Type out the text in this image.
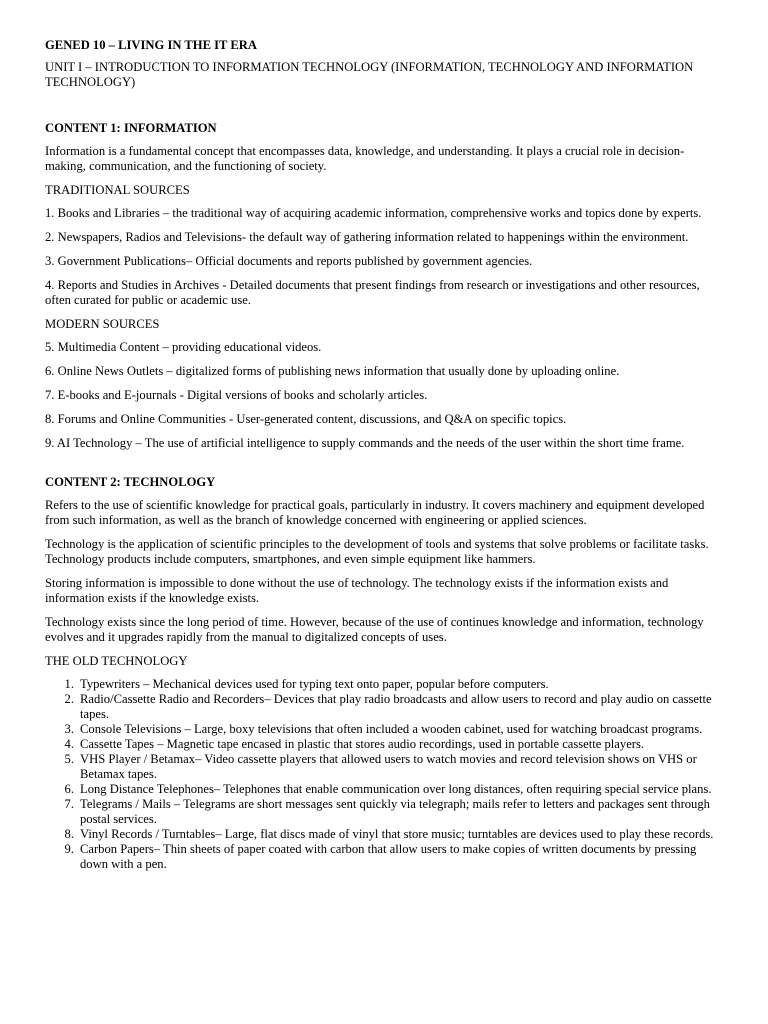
GENED 10 – LIVING IN THE IT ERA

UNIT I – INTRODUCTION TO INFORMATION TECHNOLOGY (INFORMATION, TECHNOLOGY AND INFORMATION TECHNOLOGY)

CONTENT 1: INFORMATION

Information is a fundamental concept that encompasses data, knowledge, and understanding. It plays a crucial role in decision-making, communication, and the functioning of society.

TRADITIONAL SOURCES

1. Books and Libraries – the traditional way of acquiring academic information, comprehensive works and topics done by experts.

2. Newspapers, Radios and Televisions- the default way of gathering information related to happenings within the environment.

3. Government Publications– Official documents and reports published by government agencies.

4. Reports and Studies in Archives - Detailed documents that present findings from research or investigations and other resources, often curated for public or academic use.

MODERN SOURCES

5. Multimedia Content – providing educational videos.

6. Online News Outlets – digitalized forms of publishing news information that usually done by uploading online.

7. E-books and E-journals - Digital versions of books and scholarly articles.

8. Forums and Online Communities - User-generated content, discussions, and Q&A on specific topics.

9. AI Technology – The use of artificial intelligence to supply commands and the needs of the user within the short time frame.

CONTENT 2: TECHNOLOGY

Refers to the use of scientific knowledge for practical goals, particularly in industry. It covers machinery and equipment developed from such information, as well as the branch of knowledge concerned with engineering or applied sciences.

Technology is the application of scientific principles to the development of tools and systems that solve problems or facilitate tasks. Technology products include computers, smartphones, and even simple equipment like hammers.

Storing information is impossible to done without the use of technology. The technology exists if the information exists and information exists if the knowledge exists.

Technology exists since the long period of time. However, because of the use of continues knowledge and information, technology evolves and it upgrades rapidly from the manual to digitalized concepts of uses.

THE OLD TECHNOLOGY

1. Typewriters – Mechanical devices used for typing text onto paper, popular before computers.
2. Radio/Cassette Radio and Recorders– Devices that play radio broadcasts and allow users to record and play audio on cassette tapes.
3. Console Televisions – Large, boxy televisions that often included a wooden cabinet, used for watching broadcast programs.
4. Cassette Tapes – Magnetic tape encased in plastic that stores audio recordings, used in portable cassette players.
5. VHS Player / Betamax– Video cassette players that allowed users to watch movies and record television shows on VHS or Betamax tapes.
6. Long Distance Telephones– Telephones that enable communication over long distances, often requiring special service plans.
7. Telegrams / Mails – Telegrams are short messages sent quickly via telegraph; mails refer to letters and packages sent through postal services.
8. Vinyl Records / Turntables– Large, flat discs made of vinyl that store music; turntables are devices used to play these records.
9. Carbon Papers– Thin sheets of paper coated with carbon that allow users to make copies of written documents by pressing down with a pen.
